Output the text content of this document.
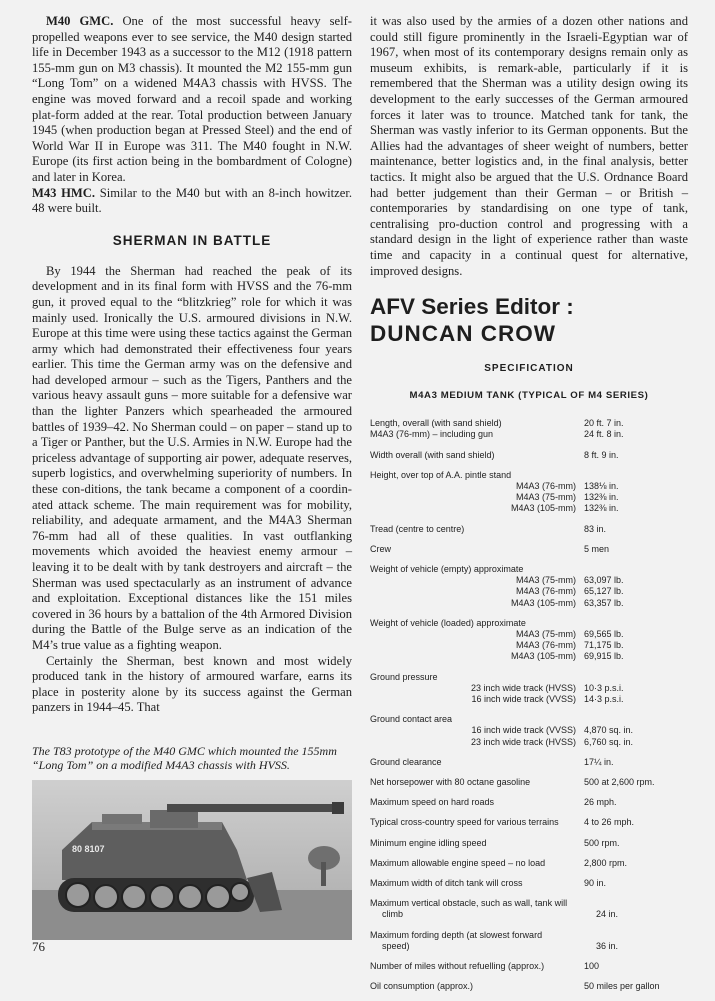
M40 GMC. One of the most successful heavy self-propelled weapons ever to see service, the M40 design started life in December 1943 as a successor to the M12 (1918 pattern 155-mm gun on M3 chassis). It mounted the M2 155-mm gun “Long Tom” on a widened M4A3 chassis with HVSS. The engine was moved forward and a recoil spade and working plat-form added at the rear. Total production between January 1945 (when production began at Pressed Steel) and the end of World War II in Europe was 311. The M40 fought in N.W. Europe (its first action being in the bombardment of Cologne) and later in Korea.

M43 HMC. Similar to the M40 but with an 8-inch howitzer. 48 were built.

SHERMAN IN BATTLE

By 1944 the Sherman had reached the peak of its development and in its final form with HVSS and the 76-mm gun, it proved equal to the “blitzkrieg” role for which it was mainly used. Ironically the U.S. armoured divisions in N.W. Europe at this time were using these tactics against the German army which had demonstrated their effectiveness four years earlier. This time the German army was on the defensive and had developed armour – such as the Tigers, Panthers and the various heavy assault guns – more suitable for a defensive war than the lighter Panzers which spearheaded the armoured battles of 1939–42. No Sherman could – on paper – stand up to a Tiger or Panther, but the U.S. Armies in N.W. Europe had the priceless advantage of supporting air power, adequate reserves, superb logistics, and overwhelming superiority of numbers. In these con-ditions, the tank became a component of a coordin-ated attack scheme. The main requirement was for mobility, reliability, and adequate armament, and the M4A3 Sherman 76-mm had all of these qualities. In vast outflanking movements which avoided the heaviest enemy armour – leaving it to be dealt with by tank destroyers and aircraft – the Sherman was used spectacularly as an instrument of advance and exploitation. Exceptional distances like the 151 miles covered in 36 hours by a battalion of the 4th Armored Division during the Battle of the Bulge serve as an indication of the M4’s true value as a fighting weapon.

Certainly the Sherman, best known and most widely produced tank in the history of armoured warfare, earns its place in posterity alone by its success against the German panzers in 1944–45. That

The T83 prototype of the M40 GMC which mounted the 155mm “Long Tom” on a modified M4A3 chassis with HVSS.
80 8107

it was also used by the armies of a dozen other nations and could still figure prominently in the Israeli-Egyptian war of 1967, when most of its contemporary designs remain only as museum exhibits, is remark-able, particularly if it is remembered that the Sherman was a utility design owing its development to the early successes of the German armoured forces it later was to trounce. Matched tank for tank, the Sherman was vastly inferior to its German opponents. But the Allies had the advantages of sheer weight of numbers, better maintenance, better logistics and, in the final analysis, better tactics. It might also be argued that the U.S. Ordnance Board had better judgement than their German – or British – contemporaries by standardising on one type of tank, centralising pro-duction control and progressing with a standard design in the light of experience rather than waste time and capacity in a continual quest for alternative, improved designs.

AFV Series Editor :
DUNCAN CROW
SPECIFICATION
M4A3 MEDIUM TANK (TYPICAL OF M4 SERIES)
Length, overall (with sand shield)	20 ft. 7 in.
M4A3 (76-mm) – including gun	24 ft. 8 in.
Width overall (with sand shield)	8 ft. 9 in.
Height, over top of A.A. pintle stand
M4A3 (76-mm) 138⅛ in.
M4A3 (75-mm) 132⅜ in.
M4A3 (105-mm) 132⅜ in.
Tread (centre to centre)	83 in.
Crew	5 men
Weight of vehicle (empty) approximate
M4A3 (75-mm) 63,097 lb.
M4A3 (76-mm) 65,127 lb.
M4A3 (105-mm) 63,357 lb.
Weight of vehicle (loaded) approximate
M4A3 (75-mm) 69,565 lb.
M4A3 (76-mm) 71,175 lb.
M4A3 (105-mm) 69,915 lb.
Ground pressure
23 inch wide track (HVSS) 10·3 p.s.i.
16 inch wide track (VVSS) 14·3 p.s.i.
Ground contact area
16 inch wide track (VVSS) 4,870 sq. in.
23 inch wide track (HVSS) 6,760 sq. in.
Ground clearance	17¼ in.
Net horsepower with 80 octane gasoline	500 at 2,600 rpm.
Maximum speed on hard roads	26 mph.
Typical cross-country speed for various terrains	4 to 26 mph.
Minimum engine idling speed	500 rpm.
Maximum allowable engine speed – no load	2,800 rpm.
Maximum width of ditch tank will cross	90 in.
Maximum vertical obstacle, such as wall, tank will
climb	24 in.
Maximum fording depth (at slowest forward
speed)	36 in.
Number of miles without refuelling (approx.)	100
Oil consumption (approx.)	50 miles per gallon
76
